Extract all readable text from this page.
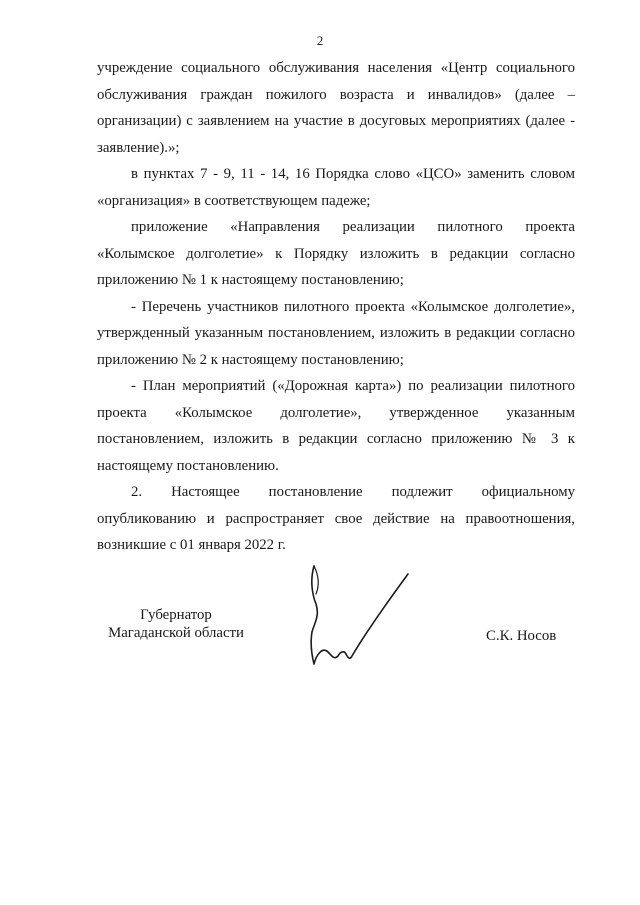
2

учреждение социального обслуживания населения «Центр социального обслуживания граждан пожилого возраста и инвалидов» (далее –организации) с заявлением на участие в досуговых мероприятиях (далее - заявление).»;

в пунктах 7 - 9, 11 - 14, 16 Порядка слово «ЦСО» заменить словом «организация» в соответствующем падеже;

приложение «Направления реализации пилотного проекта «Колымское долголетие» к Порядку изложить в редакции согласно приложению № 1 к настоящему постановлению;

- Перечень участников пилотного проекта «Колымское долголетие», утвержденный указанным постановлением, изложить в редакции согласно приложению № 2 к настоящему постановлению;

- План мероприятий («Дорожная карта») по реализации пилотного проекта «Колымское долголетие», утвержденное указанным постановлением, изложить в редакции согласно приложению № 3 к настоящему постановлению.

2. Настоящее постановление подлежит официальному опубликованию и распространяет свое действие на правоотношения, возникшие с 01 января 2022 г.

Губернатор
Магаданской области	С.К. Носов
